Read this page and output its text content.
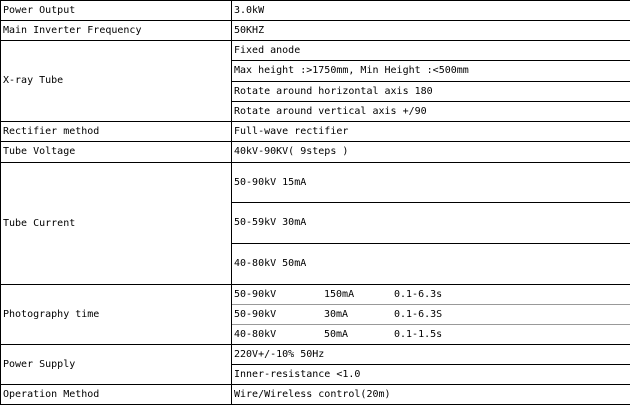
Power Output	3.0kW
Main Inverter Frequency	50KHZ
X-ray Tube	Fixed anode
	Max height :>1750mm, Min Height :<500mm
	Rotate around horizontal axis 180
	Rotate around vertical axis +/90
Rectifier method	Full-wave rectifier
Tube Voltage	40kV-90KV( 9steps )
Tube Current	50-90kV 15mA
	50-59kV 30mA
	40-80kV 50mA
Photography time	50-90kV 150mA 0.1-6.3s
	50-90kV 30mA 0.1-6.3S
	40-80kV 50mA 0.1-1.5s
Power Supply	220V+/-10% 50Hz
	Inner-resistance <1.0
Operation Method	Wire/Wireless control(20m)
